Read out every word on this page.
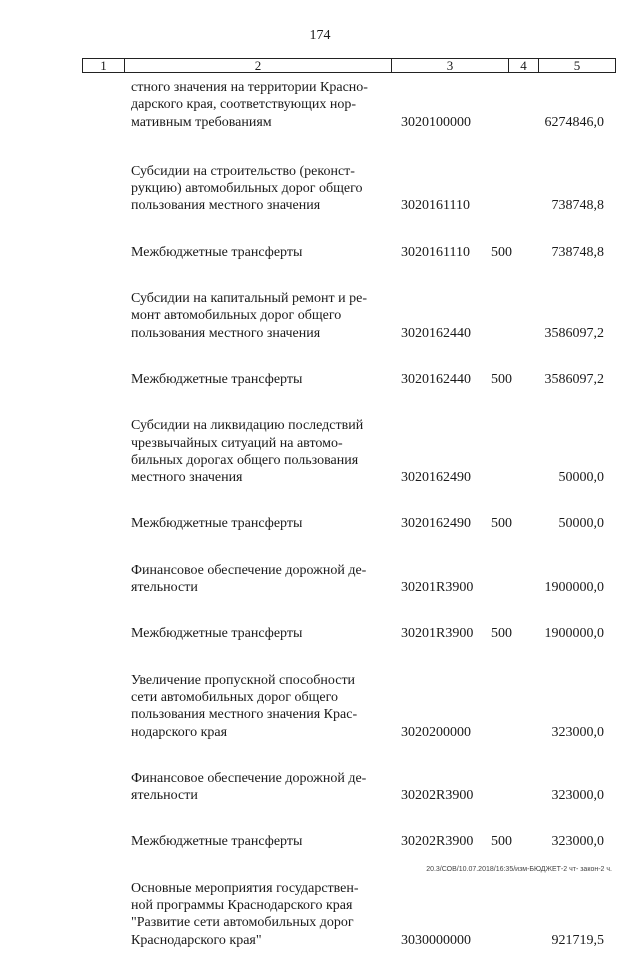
174
1	2	3	4	5
стного значения на территории Красно-
дарского края, соответствующих нор-
мативным требованиям	3020100000	6274846,0
Субсидии на строительство (реконст-
рукцию) автомобильных дорог общего
пользования местного значения	3020161110	738748,8
Межбюджетные трансферты	3020161110 500	738748,8
Субсидии на капитальный ремонт и ре-
монт автомобильных дорог общего
пользования местного значения	3020162440	3586097,2
Межбюджетные трансферты	3020162440 500 3586097,2
Субсидии на ликвидацию последствий
чрезвычайных ситуаций на автомо-
бильных дорогах общего пользования
местного значения	3020162490	50000,0
Межбюджетные трансферты	3020162490 500	50000,0
Финансовое обеспечение дорожной де-
ятельности	30201R3900	1900000,0
Межбюджетные трансферты	30201R3900 500 1900000,0
Увеличение пропускной способности
сети автомобильных дорог общего
пользования местного значения Крас-
нодарского края	3020200000	323000,0
Финансовое обеспечение дорожной де-
ятельности	30202R3900	323000,0
Межбюджетные трансферты	30202R3900 500	323000,0
Основные мероприятия государствен-
ной программы Краснодарского края
"Развитие сети автомобильных дорог
Краснодарского края"	3030000000	921719,5
20.3/СОВ/10.07.2018/16:35/изм-БЮДЖЕТ-2 чт- закон-2 ч.
